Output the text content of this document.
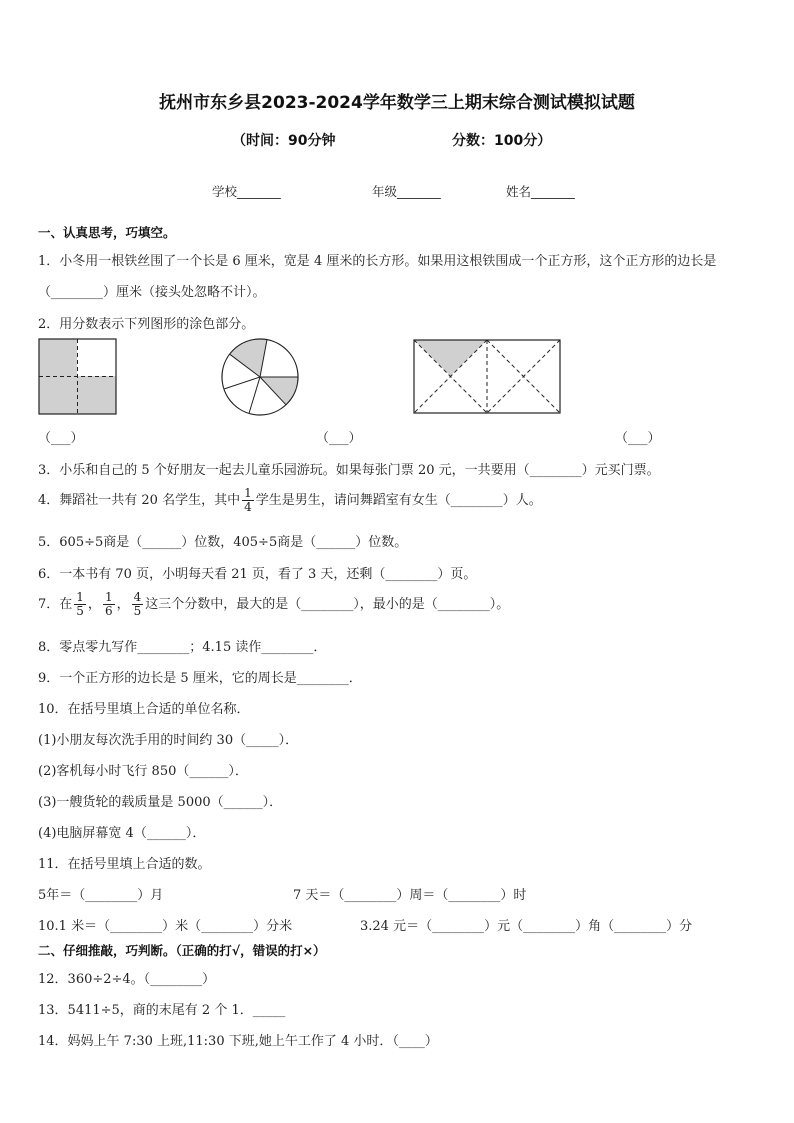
抚州市东乡县2023-2024学年数学三上期末综合测试模拟试题
（时间：90分钟	分数：100分）
学校_______	年级_______	姓名_______
一、认真思考，巧填空。
1．小冬用一根铁丝围了一个长是 6 厘米，宽是 4 厘米的长方形。如果用这根铁围成一个正方形，这个正方形的边长是
（________）厘米（接头处忽略不计）。
2．用分数表示下列图形的涂色部分。
（___）	（___）	（___）
3．小乐和自己的 5 个好朋友一起去儿童乐园游玩。如果每张门票 20 元，一共要用（________）元买门票。
4．舞蹈社一共有 20 名学生，其中 $\frac{1}{4}$ 学生是男生，请问舞蹈室有女生（________）人。
5．605÷5商是（______）位数，405÷5商是（______）位数。
6．一本书有 70 页，小明每天看 21 页，看了 3 天，还剩（________）页。
7．在 $\frac{1}{5}$ ， $\frac{1}{6}$ ， $\frac{4}{5}$ 这三个分数中，最大的是（________），最小的是（________）。
8．零点零九写作________；4.15 读作________．
9．一个正方形的边长是 5 厘米，它的周长是________．
10．在括号里填上合适的单位名称．
(1)小朋友每次洗手用的时间约 30（_____）．
(2)客机每小时飞行 850（______）．
(3)一艘货轮的载质量是 5000（______）．
(4)电脑屏幕宽 4（______）．
11．在括号里填上合适的数。
5年＝（________）月	7 天＝（________）周＝（________）时
10.1 米＝（________）米（________）分米	3.24 元＝（________）元（________）角（________）分
二、仔细推敲，巧判断。（正确的打√，错误的打×）
12．360÷2÷4。（________）
13．5411÷5，商的末尾有 2 个 1．_____
14．妈妈上午 7:30 上班,11:30 下班,她上午工作了 4 小时．（____）
